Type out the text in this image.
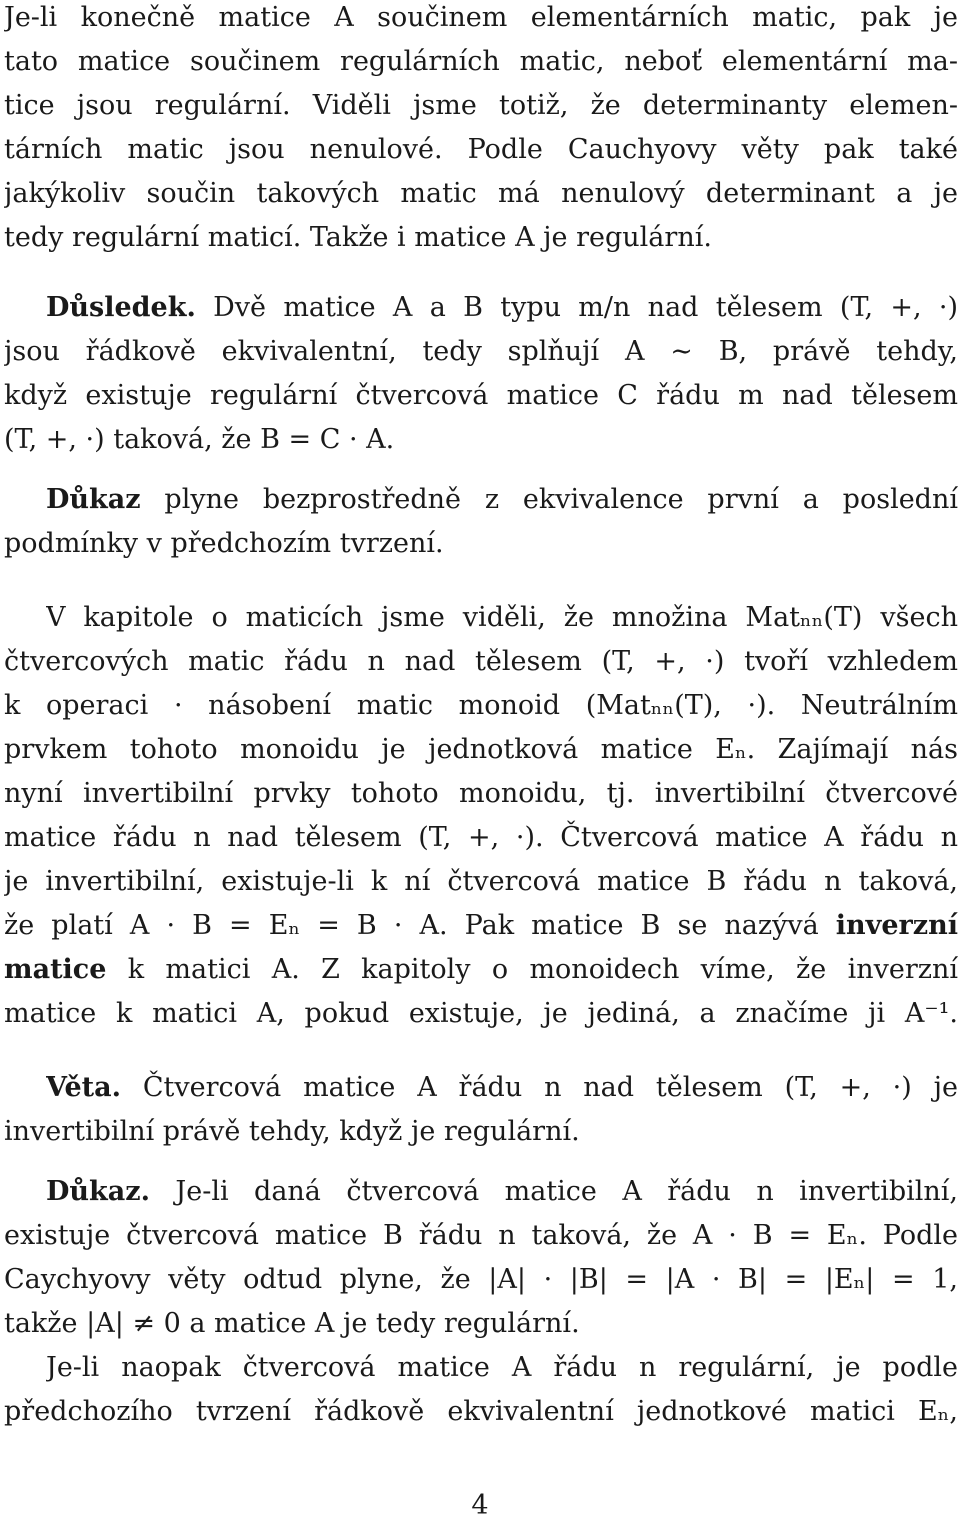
Je-li konečně matice A součinem elementárních matic, pak je
tato matice součinem regulárních matic, neboť elementární ma-
tice jsou regulární. Viděli jsme totiž, že determinanty elemen-
tárních matic jsou nenulové. Podle Cauchyovy věty pak také
jakýkoliv součin takových matic má nenulový determinant a je
tedy regulární maticí. Takže i matice A je regulární.
Důsledek. Dvě matice A a B typu m/n nad tělesem (T, +, ·)
jsou řádkově ekvivalentní, tedy splňují A ∼ B, právě tehdy,
když existuje regulární čtvercová matice C řádu m nad tělesem
(T, +, ·) taková, že B = C · A.
Důkaz plyne bezprostředně z ekvivalence první a poslední
podmínky v předchozím tvrzení.
V kapitole o maticích jsme viděli, že množina Matₙₙ(T) všech
čtvercových matic řádu n nad tělesem (T, +, ·) tvoří vzhledem
k operaci · násobení matic monoid (Matₙₙ(T), ·). Neutrálním
prvkem tohoto monoidu je jednotková matice Eₙ. Zajímají nás
nyní invertibilní prvky tohoto monoidu, tj. invertibilní čtvercové
matice řádu n nad tělesem (T, +, ·). Čtvercová matice A řádu n
je invertibilní, existuje-li k ní čtvercová matice B řádu n taková,
že platí A · B = Eₙ = B · A. Pak matice B se nazývá inverzní
matice k matici A. Z kapitoly o monoidech víme, že inverzní
matice k matici A, pokud existuje, je jediná, a značíme ji A⁻¹.
Věta. Čtvercová matice A řádu n nad tělesem (T, +, ·) je
invertibilní právě tehdy, když je regulární.
Důkaz. Je-li daná čtvercová matice A řádu n invertibilní,
existuje čtvercová matice B řádu n taková, že A · B = Eₙ. Podle
Caychyovy věty odtud plyne, že |A| · |B| = |A · B| = |Eₙ| = 1,
takže |A| ≠ 0 a matice A je tedy regulární.
Je-li naopak čtvercová matice A řádu n regulární, je podle
předchozího tvrzení řádkově ekvivalentní jednotkové matici Eₙ,
4
